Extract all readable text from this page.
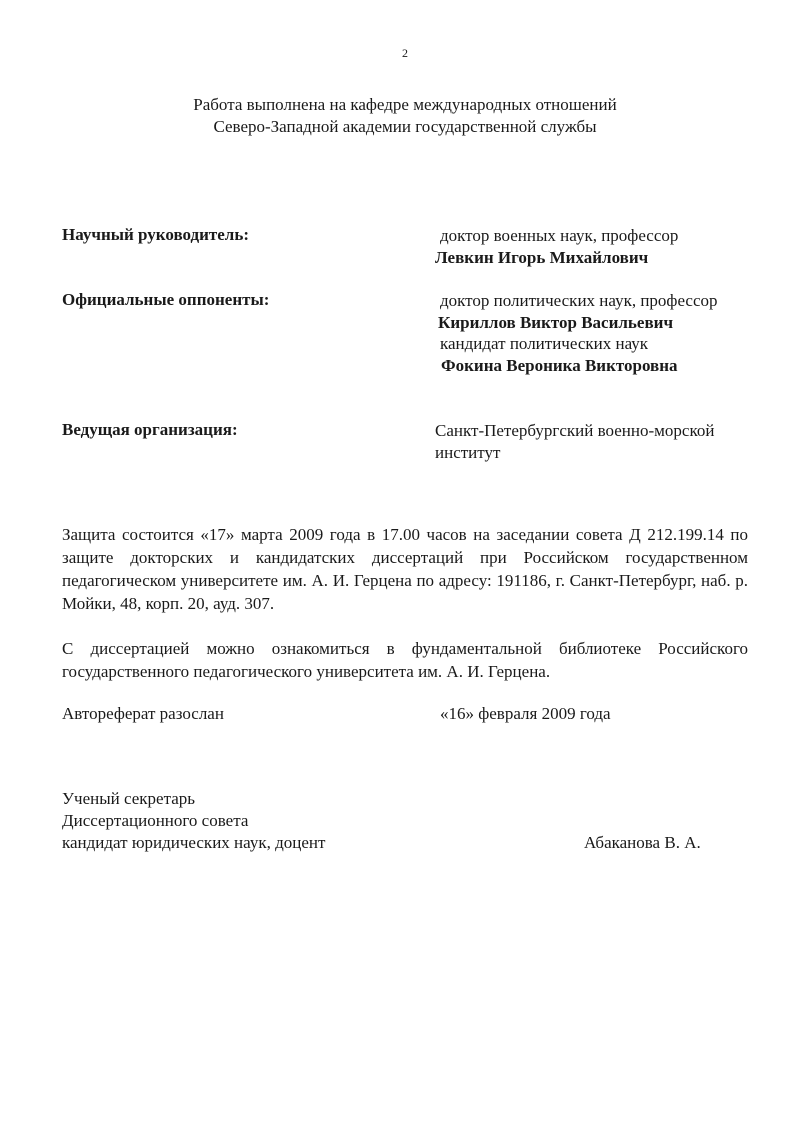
2
Работа выполнена на кафедре международных отношений
Северо-Западной академии государственной службы
Научный руководитель:	доктор военных наук, профессор
Левкин Игорь Михайлович
Официальные оппоненты:	доктор политических наук, профессор
Кириллов Виктор Васильевич
кандидат политических наук
Фокина Вероника Викторовна
Ведущая организация:	Санкт-Петербургский военно-морской
институт
Защита состоится «17» марта 2009 года в 17.00 часов на заседании совета Д 212.199.14 по защите докторских и кандидатских диссертаций при Российском государственном педагогическом университете им. А. И. Герцена по адресу: 191186, г. Санкт-Петербург, наб. р. Мойки, 48, корп. 20, ауд. 307.
С диссертацией можно ознакомиться в фундаментальной библиотеке Российского государственного педагогического университета им. А. И. Герцена.
Автореферат разослан	«16» февраля 2009 года
Ученый секретарь
Диссертационного совета
кандидат юридических наук, доцент	Абаканова В. А.
